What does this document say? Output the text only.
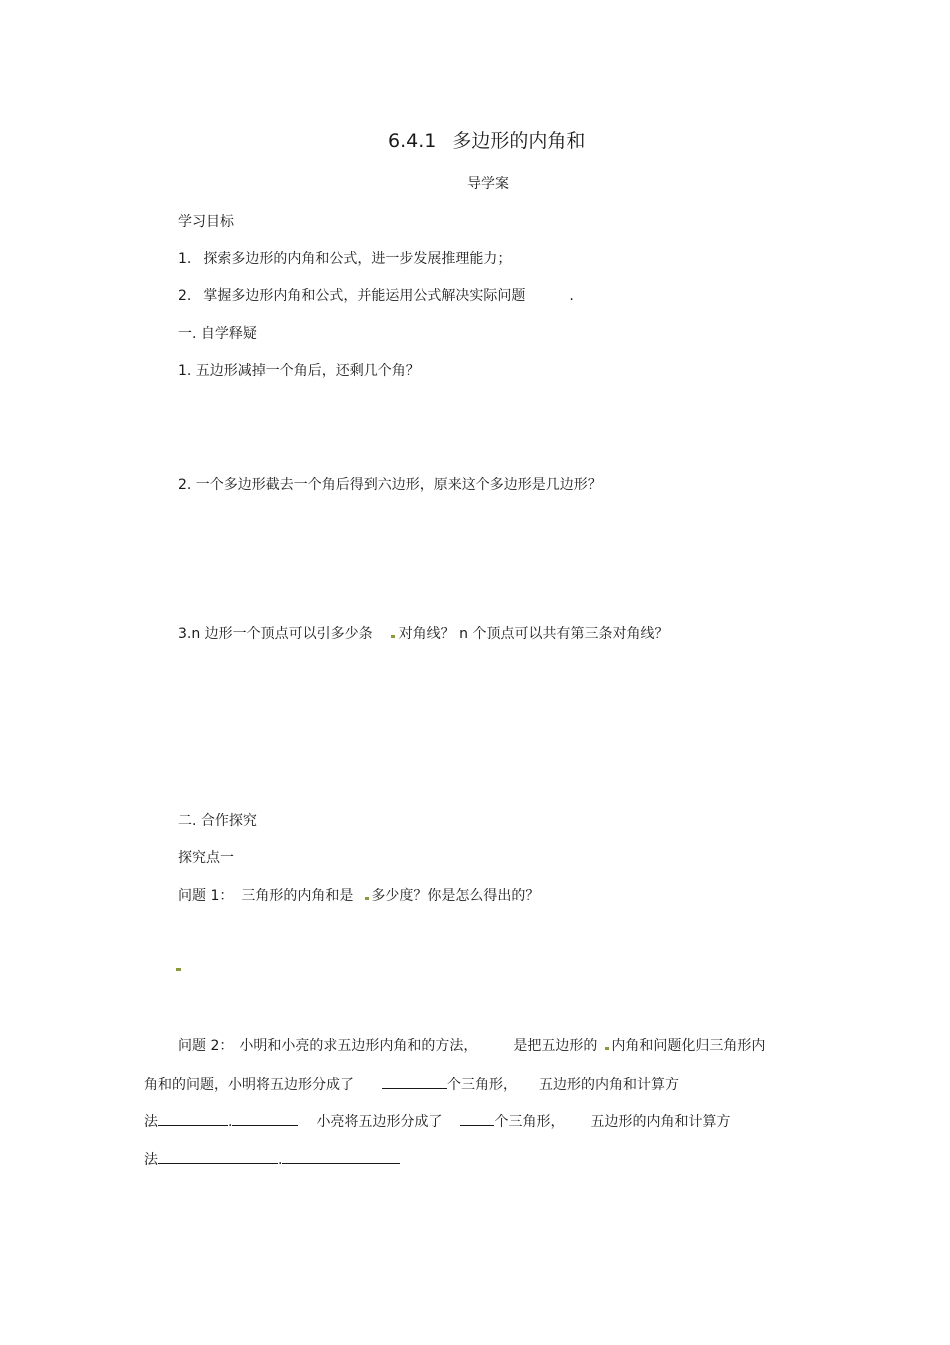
6.4.1 多边形的内角和
导学案
学习目标
1. 探索多边形的内角和公式，进一步发展推理能力；
2. 掌握多边形内角和公式，并能运用公式解决实际问题	.
一. 自学释疑
1. 五边形减掉一个角后，还剩几个角？
2. 一个多边形截去一个角后得到六边形，原来这个多边形是几边形？
3.n 边形一个顶点可以引多少条 对角线？ n 个顶点可以共有第三条对角线？
二. 合作探究
探究点一
问题 1： 三角形的内角和是 多少度？你是怎么得出的？
问题 2： 小明和小亮的求五边形内角和的方法，	是把五边形的 内角和问题化归三角形内
角和的问题，小明将五边形分成了	个三角形， 五边形的内角和计算方
法	.	小亮将五边形分成了	个三角形， 五边形的内角和计算方
法	.
